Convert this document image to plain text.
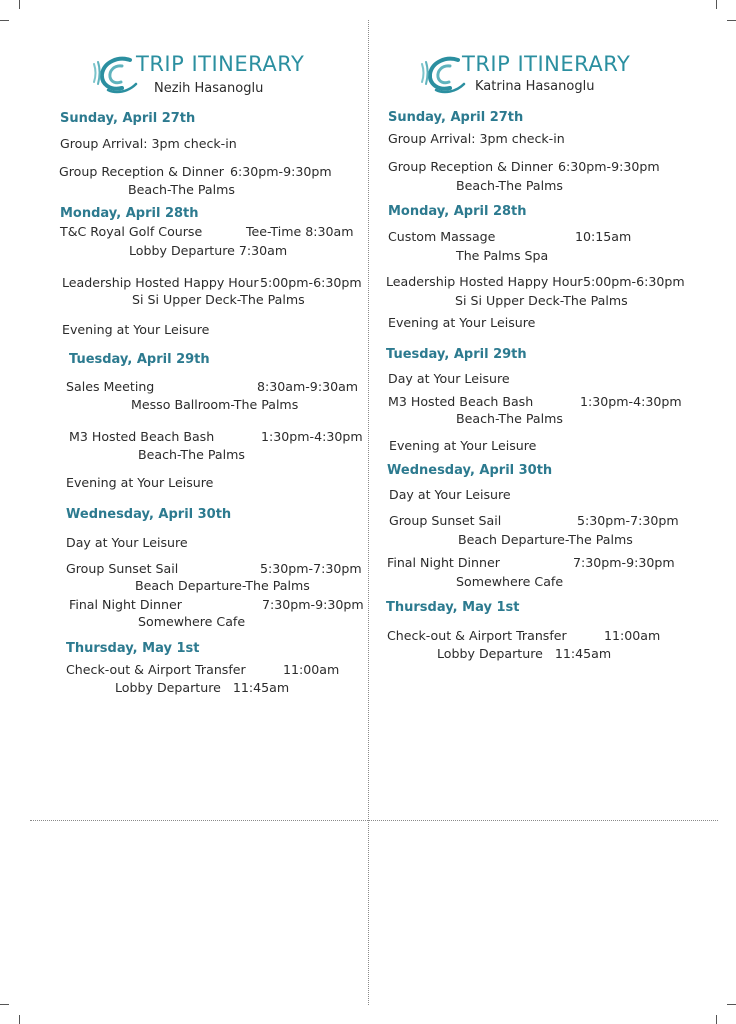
TRIP ITINERARY
Nezih Hasanoglu
Sunday, April 27th
Group Arrival: 3pm check-in
Group Reception & Dinner 6:30pm-9:30pm
Beach-The Palms
Monday, April 28th
T&C Royal Golf Course	Tee-Time 8:30am
Lobby Departure 7:30am
Leadership Hosted Happy Hour 5:00pm-6:30pm
Si Si Upper Deck-The Palms
Evening at Your Leisure
Tuesday, April 29th
Sales Meeting	8:30am-9:30am
Messo Ballroom-The Palms
M3 Hosted Beach Bash	1:30pm-4:30pm
Beach-The Palms
Evening at Your Leisure
Wednesday, April 30th
Day at Your Leisure
Group Sunset Sail	5:30pm-7:30pm
Beach Departure-The Palms
Final Night Dinner	7:30pm-9:30pm
Somewhere Cafe
Thursday, May 1st
Check-out & Airport Transfer	11:00am
Lobby Departure   11:45am
TRIP ITINERARY
Katrina Hasanoglu
Sunday, April 27th
Group Arrival: 3pm check-in
Group Reception & Dinner 6:30pm-9:30pm
Beach-The Palms
Monday, April 28th
Custom Massage	10:15am
The Palms Spa
Leadership Hosted Happy Hour 5:00pm-6:30pm
Si Si Upper Deck-The Palms
Evening at Your Leisure
Tuesday, April 29th
Day at Your Leisure
M3 Hosted Beach Bash	1:30pm-4:30pm
Beach-The Palms
Evening at Your Leisure
Wednesday, April 30th
Day at Your Leisure
Group Sunset Sail	5:30pm-7:30pm
Beach Departure-The Palms
Final Night Dinner	7:30pm-9:30pm
Somewhere Cafe
Thursday, May 1st
Check-out & Airport Transfer	11:00am
Lobby Departure   11:45am
